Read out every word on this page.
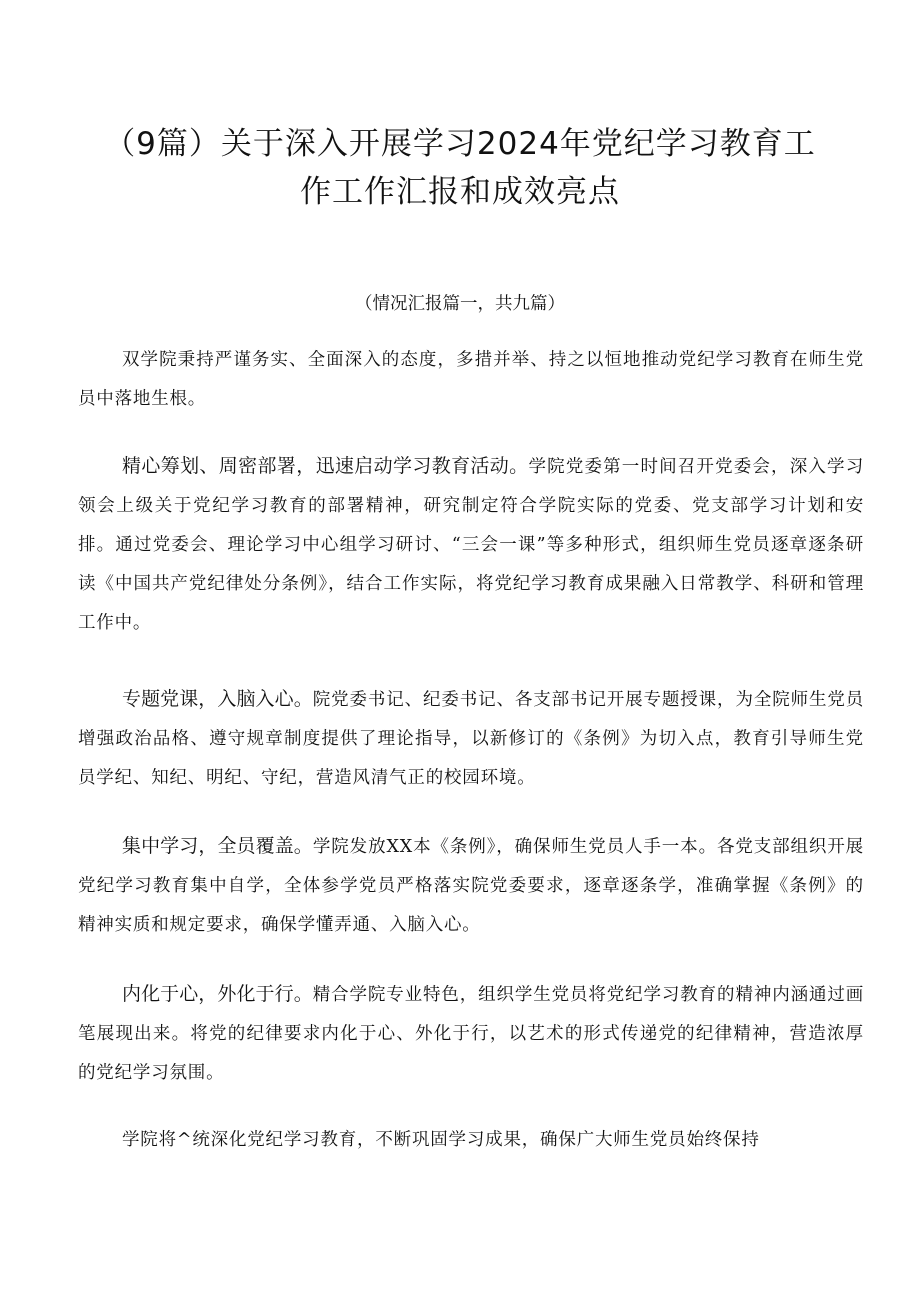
（9篇）关于深入开展学习2024年党纪学习教育工作工作汇报和成效亮点

（情况汇报篇一，共九篇）

双学院秉持严谨务实、全面深入的态度，多措并举、持之以恒地推动党纪学习教育在师生党员中落地生根。

精心筹划、周密部署，迅速启动学习教育活动。学院党委第一时间召开党委会，深入学习领会上级关于党纪学习教育的部署精神，研究制定符合学院实际的党委、党支部学习计划和安排。通过党委会、理论学习中心组学习研讨、“三会一课”等多种形式，组织师生党员逐章逐条研读《中国共产党纪律处分条例》，结合工作实际，将党纪学习教育成果融入日常教学、科研和管理工作中。

专题党课，入脑入心。院党委书记、纪委书记、各支部书记开展专题授课，为全院师生党员增强政治品格、遵守规章制度提供了理论指导，以新修订的《条例》为切入点，教育引导师生党员学纪、知纪、明纪、守纪，营造风清气正的校园环境。

集中学习，全员覆盖。学院发放XX本《条例》，确保师生党员人手一本。各党支部组织开展党纪学习教育集中自学，全体参学党员严格落实院党委要求，逐章逐条学，准确掌握《条例》的精神实质和规定要求，确保学懂弄通、入脑入心。

内化于心，外化于行。精合学院专业特色，组织学生党员将党纪学习教育的精神内涵通过画笔展现出来。将党的纪律要求内化于心、外化于行，以艺术的形式传递党的纪律精神，营造浓厚的党纪学习氛围。

学院将^统深化党纪学习教育，不断巩固学习成果，确保广大师生党员始终保持
